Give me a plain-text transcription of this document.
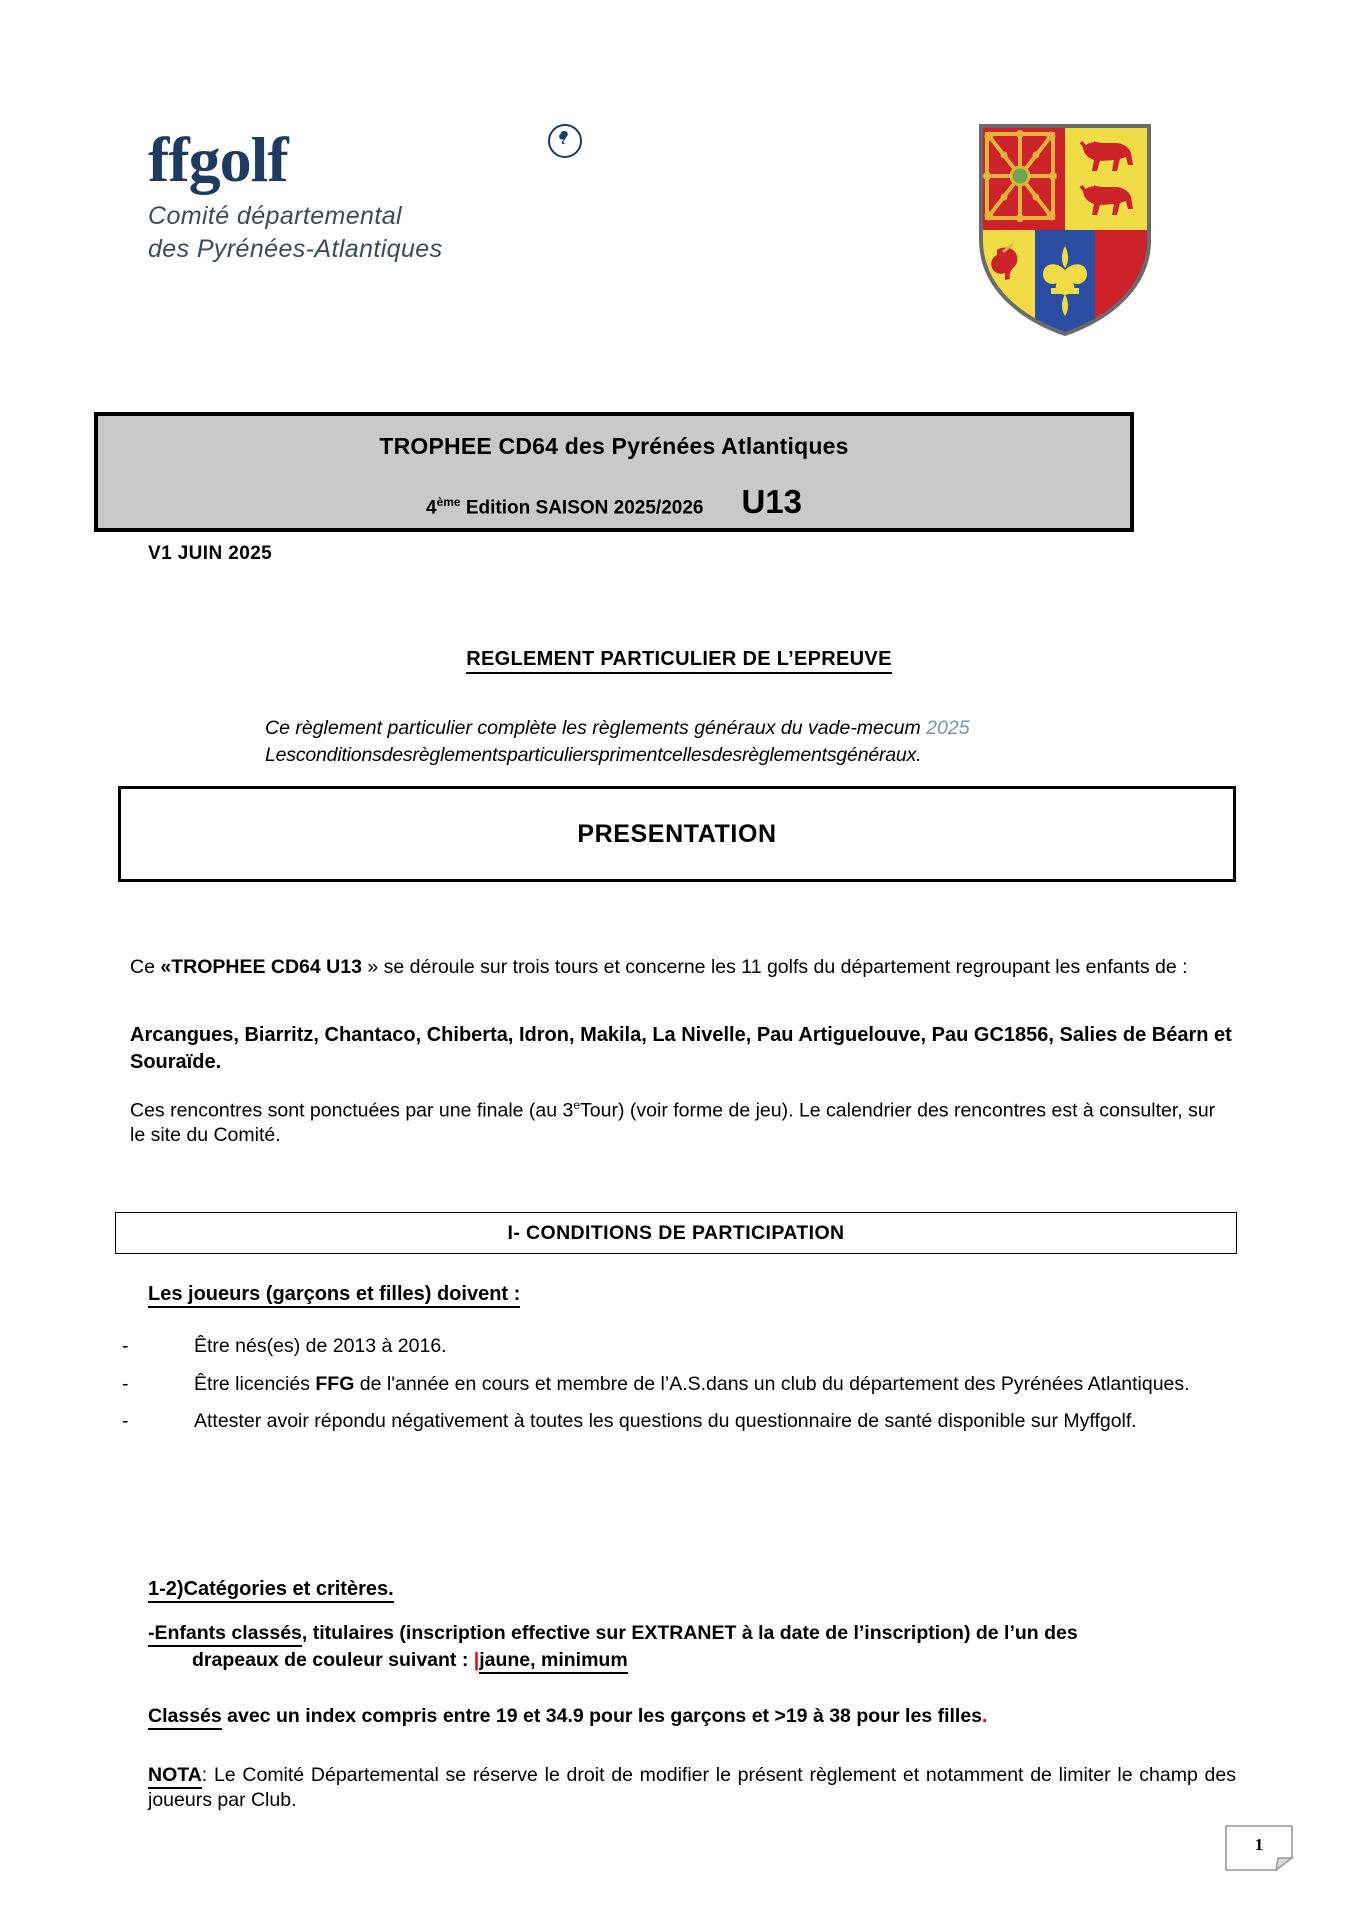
ffgolf
Comité départemental
des Pyrénées-Atlantiques
TROPHEE CD64 des Pyrénées Atlantiques
4ème Edition SAISON 2025/2026 U13
V1 JUIN 2025
REGLEMENT PARTICULIER DE L’EPREUVE
Ce règlement particulier complète les règlements généraux du vade-mecum 2025
Lesconditionsdesrèglementsparticuliersprimentcellesdesrèglementsgénéraux.
PRESENTATION
Ce «TROPHEE CD64 U13 » se déroule sur trois tours et concerne les 11 golfs du département regroupant les enfants de :
Arcangues, Biarritz, Chantaco, Chiberta, Idron, Makila, La Nivelle, Pau Artiguelouve, Pau GC1856, Salies de Béarn et Souraïde.
Ces rencontres sont ponctuées par une finale (au 3eTour) (voir forme de jeu). Le calendrier des rencontres est à consulter, sur le site du Comité.
I- CONDITIONS DE PARTICIPATION
Les joueurs (garçons et filles) doivent :
-	Être nés(es) de 2013 à 2016.
-	Être licenciés FFG de l'année en cours et membre de l’A.S.dans un club du département des Pyrénées Atlantiques.
-	Attester avoir répondu négativement à toutes les questions du questionnaire de santé disponible sur Myffgolf.
1-2)Catégories et critères.
-Enfants classés, titulaires (inscription effective sur EXTRANET à la date de l’inscription) de l’un des
drapeaux de couleur suivant : |jaune, minimum
Classés avec un index compris entre 19 et 34.9 pour les garçons et >19 à 38 pour les filles.
NOTA: Le Comité Départemental se réserve le droit de modifier le présent règlement et notamment de limiter le champ des joueurs par Club.
1
